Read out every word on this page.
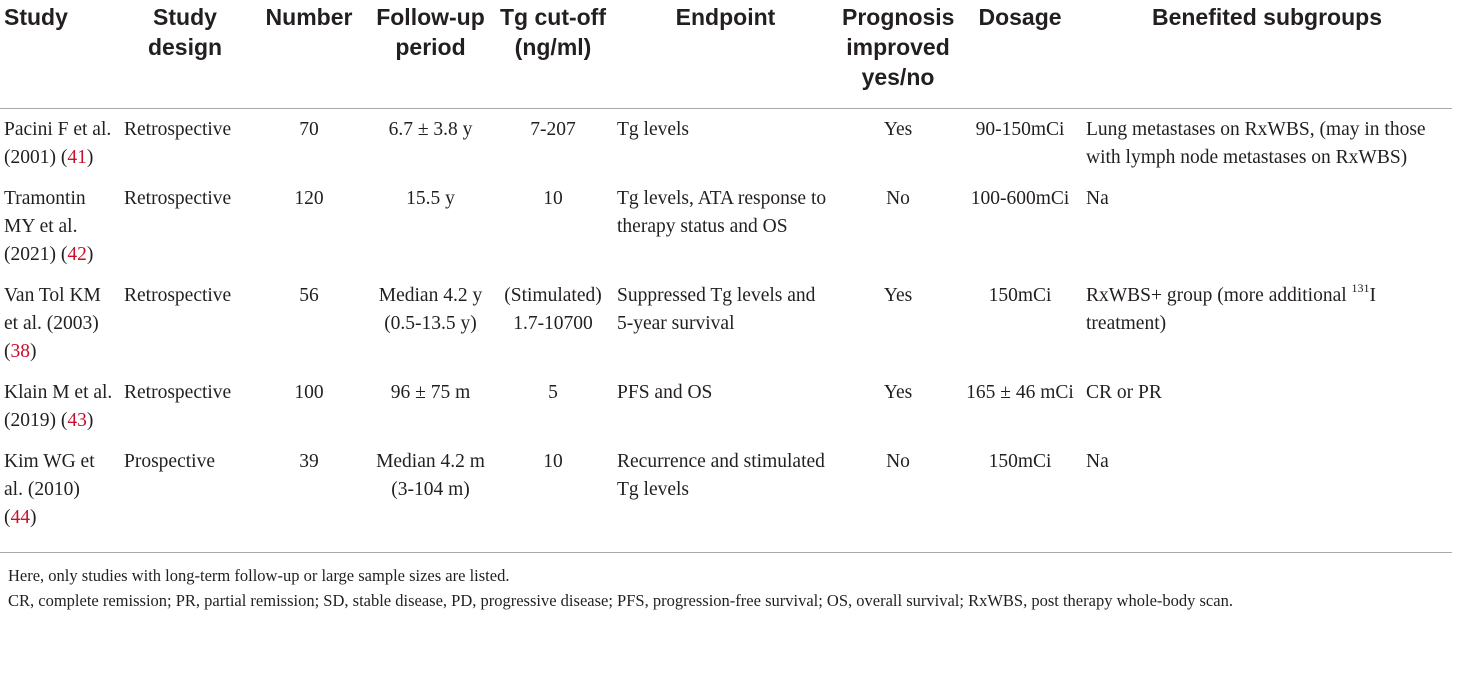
Study	Study design	Number	Follow-up period	Tg cut-off (ng/ml)	Endpoint	Prognosis improved yes/no	Dosage	Benefited subgroups
Pacini F et al. (2001) (41)	Retrospective	70	6.7 ± 3.8 y	7-207	Tg levels	Yes	90-150mCi	Lung metastases on RxWBS, (may in those with lymph node metastases on RxWBS)
Tramontin MY et al. (2021) (42)	Retrospective	120	15.5 y	10	Tg levels, ATA response to therapy status and OS	No	100-600mCi	Na
Van Tol KM et al. (2003) (38)	Retrospective	56	Median 4.2 y (0.5-13.5 y)	(Stimulated) 1.7-10700	Suppressed Tg levels and 5-year survival	Yes	150mCi	RxWBS+ group (more additional $^{131}$I treatment)
Klain M et al. (2019) (43)	Retrospective	100	96 ± 75 m	5	PFS and OS	Yes	165 ± 46 mCi	CR or PR
Kim WG et al. (2010) (44)	Prospective	39	Median 4.2 m (3-104 m)	10	Recurrence and stimulated Tg levels	No	150mCi	Na
Here, only studies with long-term follow-up or large sample sizes are listed.
CR, complete remission; PR, partial remission; SD, stable disease, PD, progressive disease; PFS, progression-free survival; OS, overall survival; RxWBS, post therapy whole-body scan.
